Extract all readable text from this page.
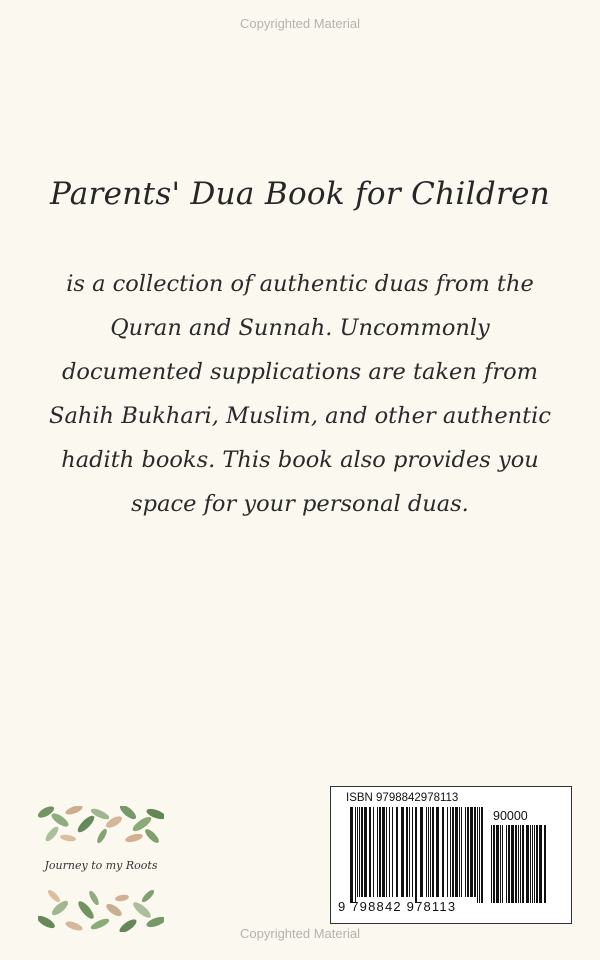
Copyrighted Material
Parents' Dua Book for Children
is a collection of authentic duas from the Quran and Sunnah. Uncommonly documented supplications are taken from Sahih Bukhari, Muslim, and other authentic hadith books. This book also provides you space for your personal duas.
Journey to my Roots
ISBN 9798842978113
90000
9 798842 978113
Copyrighted Material
